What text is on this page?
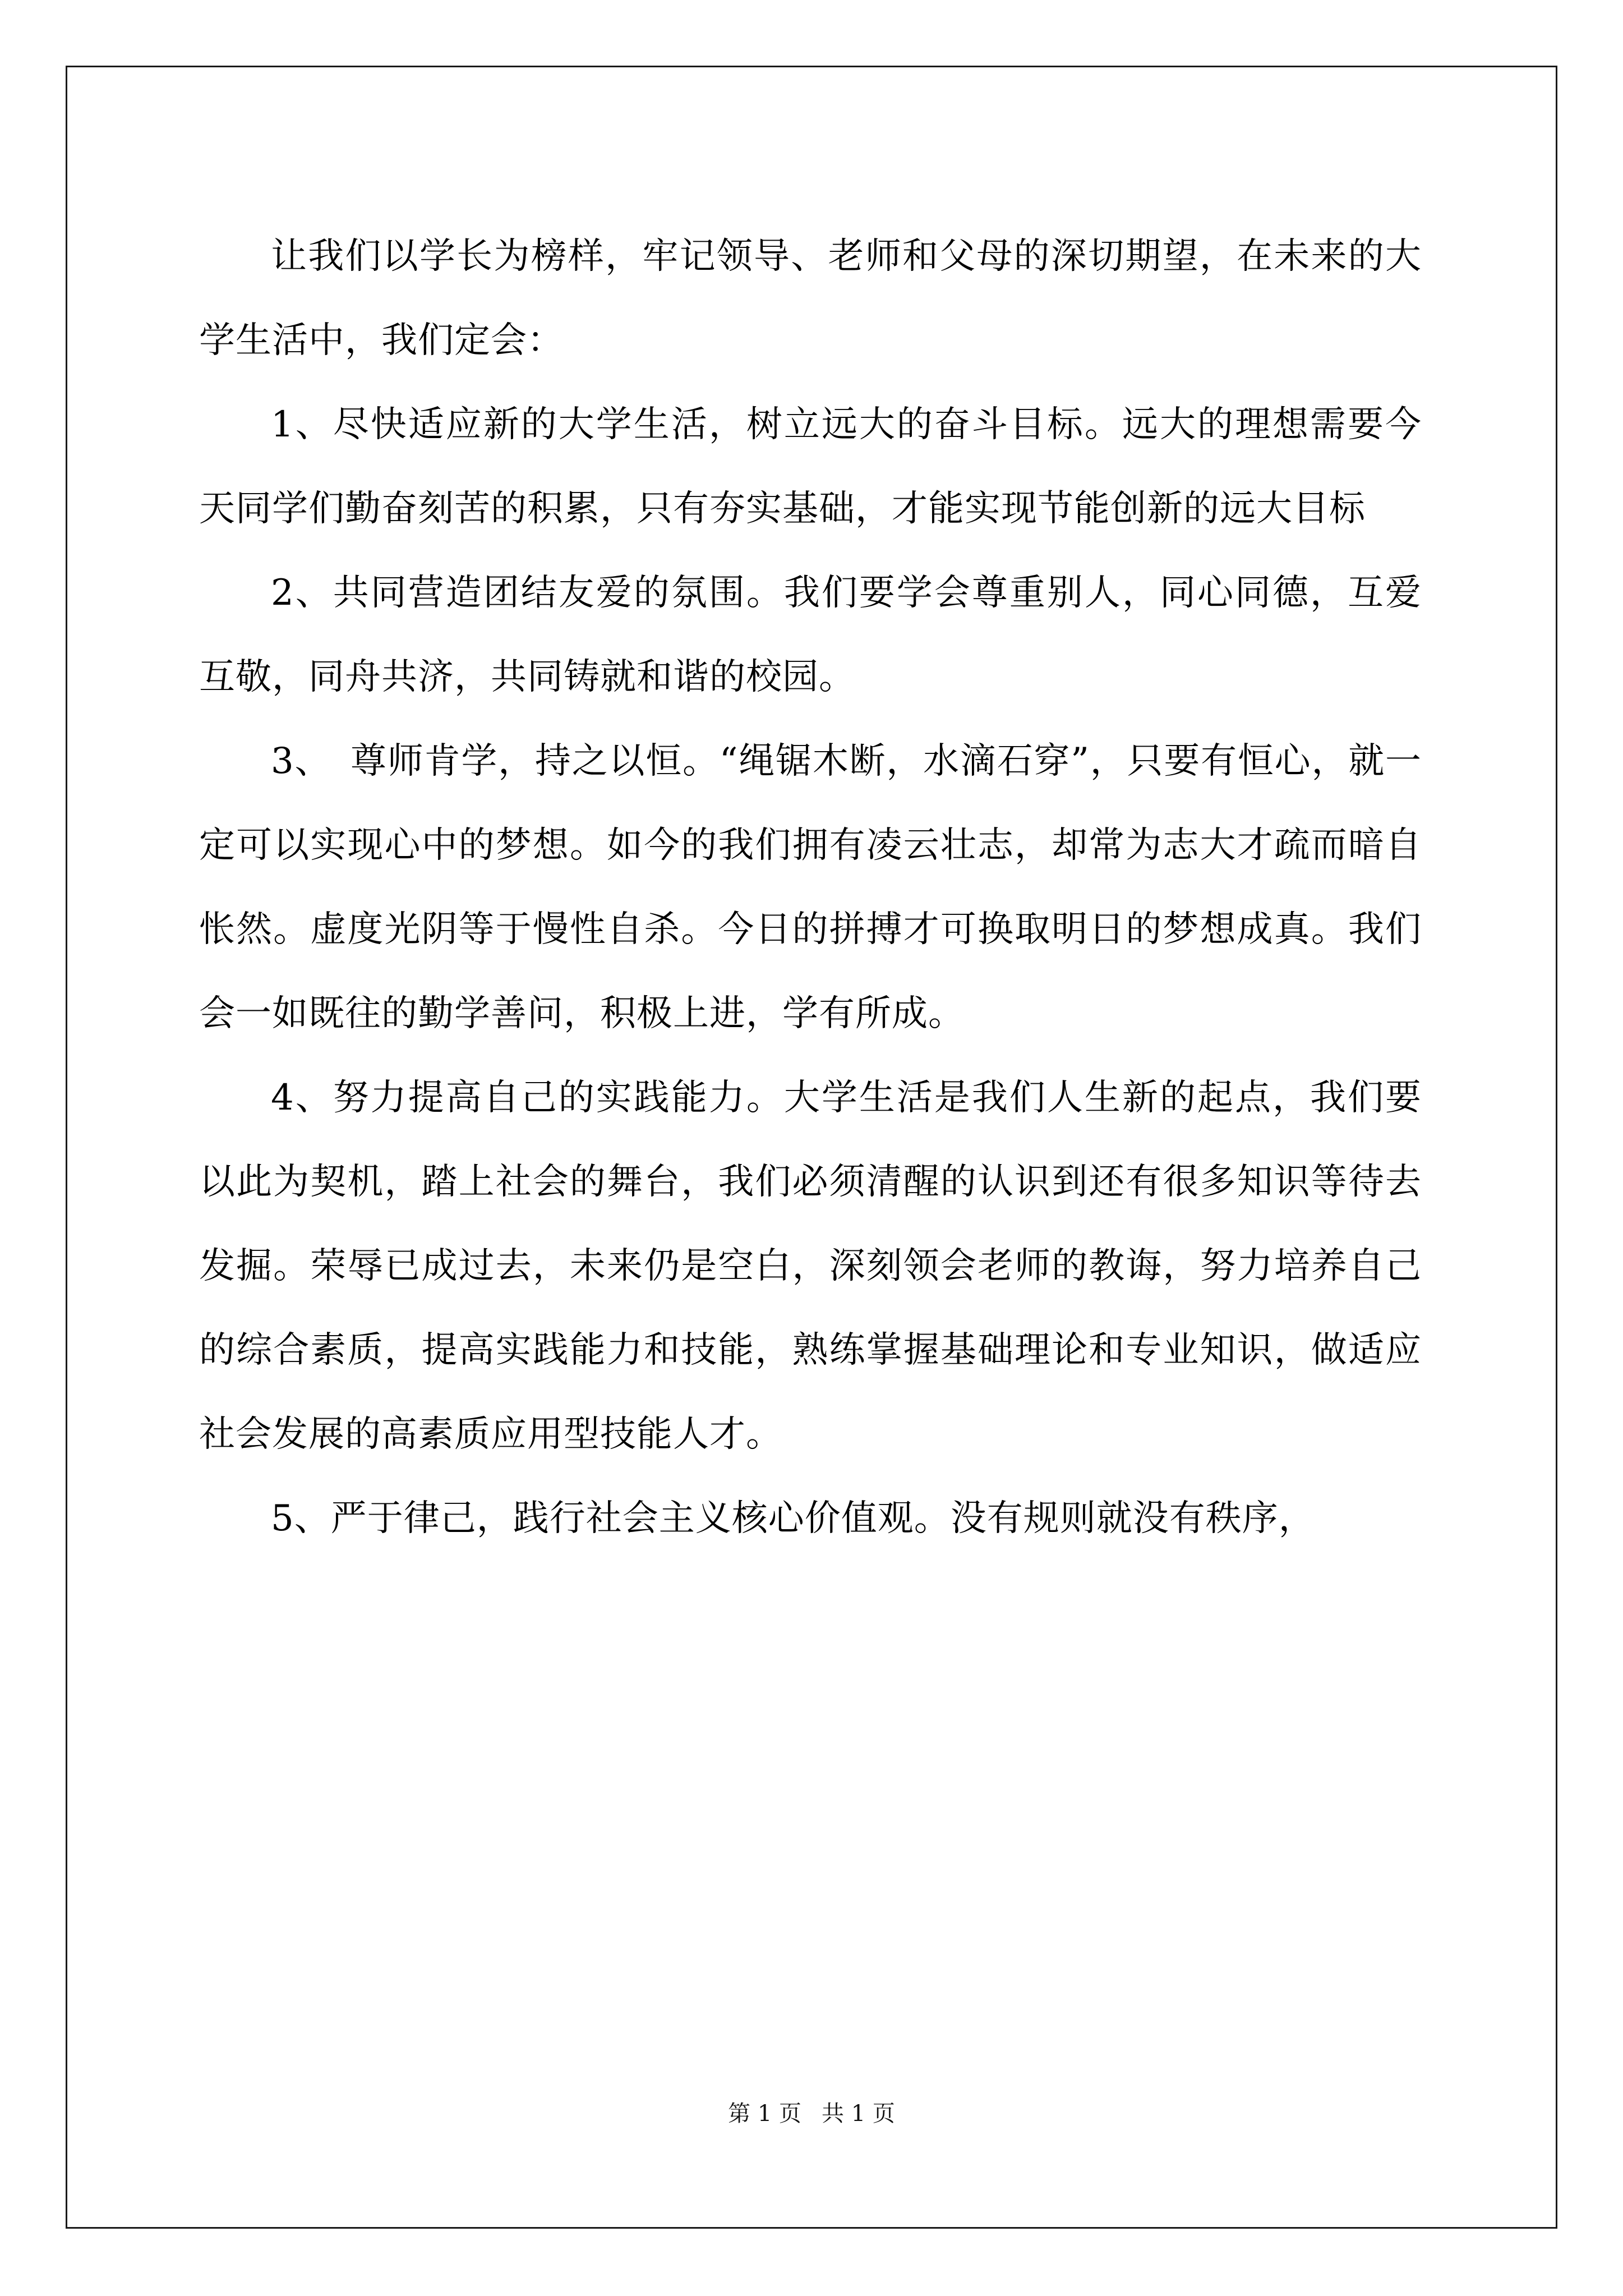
让我们以学长为榜样，牢记领导、老师和父母的深切期望，在未来的大学生活中，我们定会：

1、尽快适应新的大学生活，树立远大的奋斗目标。远大的理想需要今天同学们勤奋刻苦的积累，只有夯实基础，才能实现节能创新的远大目标

2、共同营造团结友爱的氛围。我们要学会尊重别人，同心同德，互爱互敬，同舟共济，共同铸就和谐的校园。

3、　尊师肯学，持之以恒。“绳锯木断，水滴石穿”，只要有恒心，就一定可以实现心中的梦想。如今的我们拥有凌云壮志，却常为志大才疏而暗自怅然。虚度光阴等于慢性自杀。今日的拼搏才可换取明日的梦想成真。我们会一如既往的勤学善问，积极上进，学有所成。

4、努力提高自己的实践能力。大学生活是我们人生新的起点，我们要以此为契机，踏上社会的舞台，我们必须清醒的认识到还有很多知识等待去发掘。荣辱已成过去，未来仍是空白，深刻领会老师的教诲，努力培养自己的综合素质，提高实践能力和技能，熟练掌握基础理论和专业知识，做适应社会发展的高素质应用型技能人才。

5、严于律己，践行社会主义核心价值观。没有规则就没有秩序，

第 1 页 共 1 页
